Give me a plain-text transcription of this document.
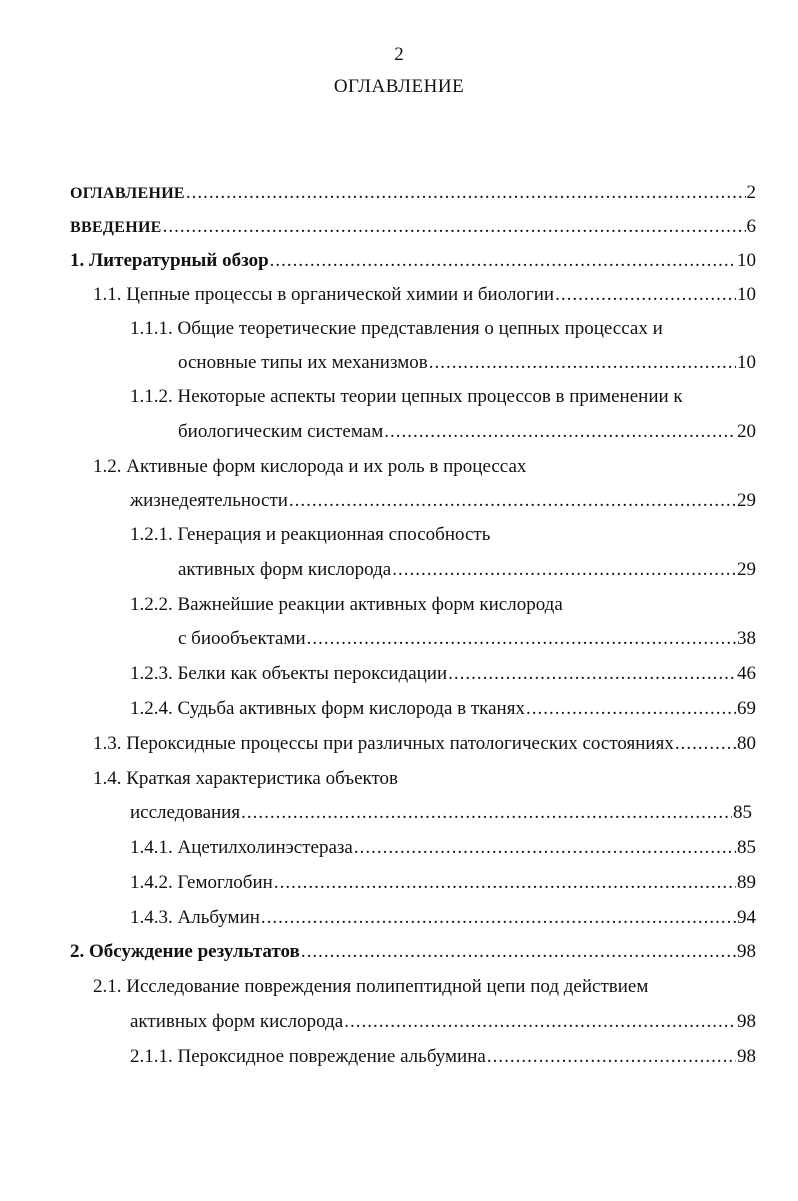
2
ОГЛАВЛЕНИЕ
ОГЛАВЛЕНИЕ .....	2
ВВЕДЕНИЕ .....	6
1. Литературный обзор .....	10
1.1. Цепные процессы в органической химии и биологии .....	10
1.1.1. Общие теоретические представления о цепных процессах и
основные типы их механизмов .....	10
1.1.2. Некоторые аспекты теории цепных процессов в применении к
биологическим системам .....	20
1.2. Активные форм кислорода и их роль в процессах
жизнедеятельности .....	29
1.2.1. Генерация и реакционная способность
активных форм кислорода .....	29
1.2.2. Важнейшие реакции активных форм кислорода
с биообъектами .....	38
1.2.3. Белки как объекты пероксидации .....	46
1.2.4. Судьба активных форм кислорода в тканях .....	69
1.3. Пероксидные процессы при различных патологических состояниях .....	80
1.4. Краткая характеристика объектов
исследования .....	85
1.4.1. Ацетилхолинэстераза .....	85
1.4.2. Гемоглобин .....	89
1.4.3. Альбумин .....	94
2. Обсуждение результатов .....	98
2.1. Исследование повреждения полипептидной цепи под действием
активных форм кислорода .....	98
2.1.1. Пероксидное повреждение альбумина .....	98
